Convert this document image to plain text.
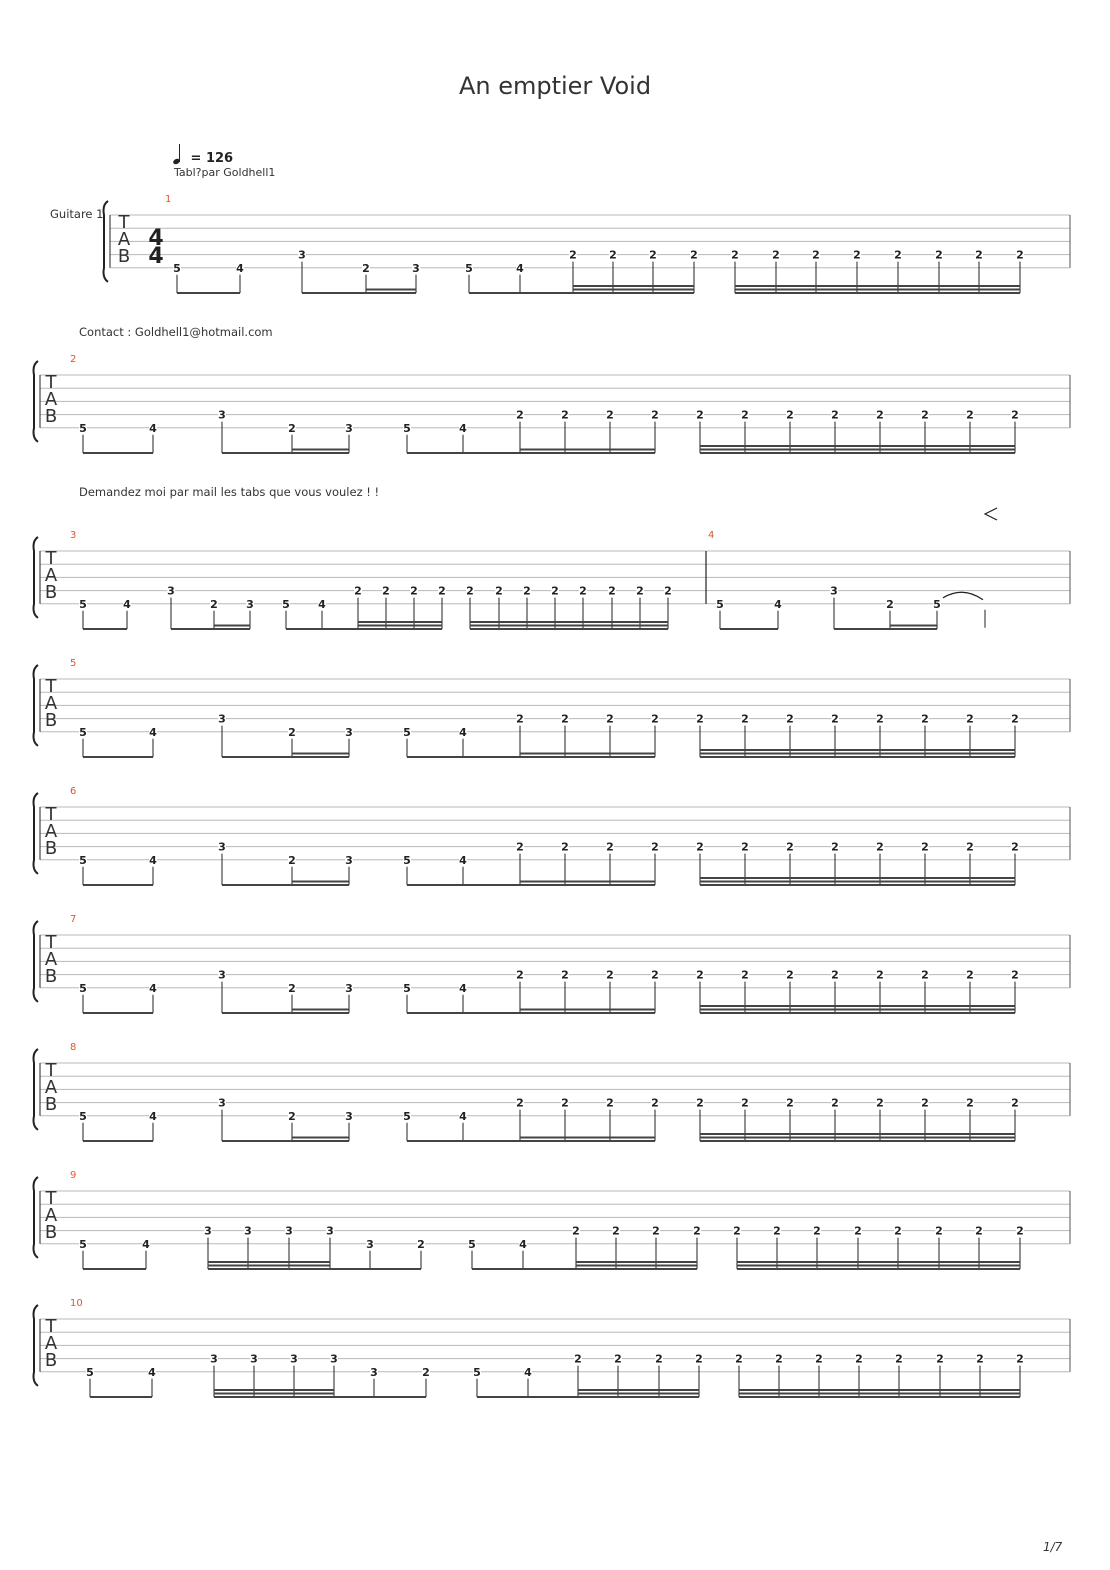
An emptier Void
= 126
Tabl?par Goldhell1
Guitare 1
Contact : Goldhell1@hotmail.com
Demandez moi par mail les tabs que vous voulez ! !
T
A
B
4
4
1
5	4
3
2	3	5	4
2	2	2	2	2	2	2	2	2	2	2	2
T
A
B
2
5	4
3
2	3	5	4
2	2	2	2	2	2	2	2	2	2	2	2
T
A
B
3
5	4
3
2	3	5	4
2 2 2 2 2 2 2 2 2 2 2 2
4
5	4
3
2	5
T
A
B
5
5	4
3
2	3	5	4
2	2	2	2	2	2	2	2	2	2	2	2
T
A
B
6
5	4
3
2	3	5	4
2	2	2	2	2	2	2	2	2	2	2	2
T
A
B
7
5	4
3
2	3	5	4
2	2	2	2	2	2	2	2	2	2	2	2
T
A
B
8
5	4
3
2	3	5	4
2	2	2	2	2	2	2	2	2	2	2	2
T
A
B
9
5	4
3	3	3	3
3	2	5	4
2	2	2	2	2	2	2	2	2	2	2	2
T
A
B
10
5	4
3	3	3	3
3	2	5	4
2	2	2	2	2	2	2	2	2	2	2	2
1/7
